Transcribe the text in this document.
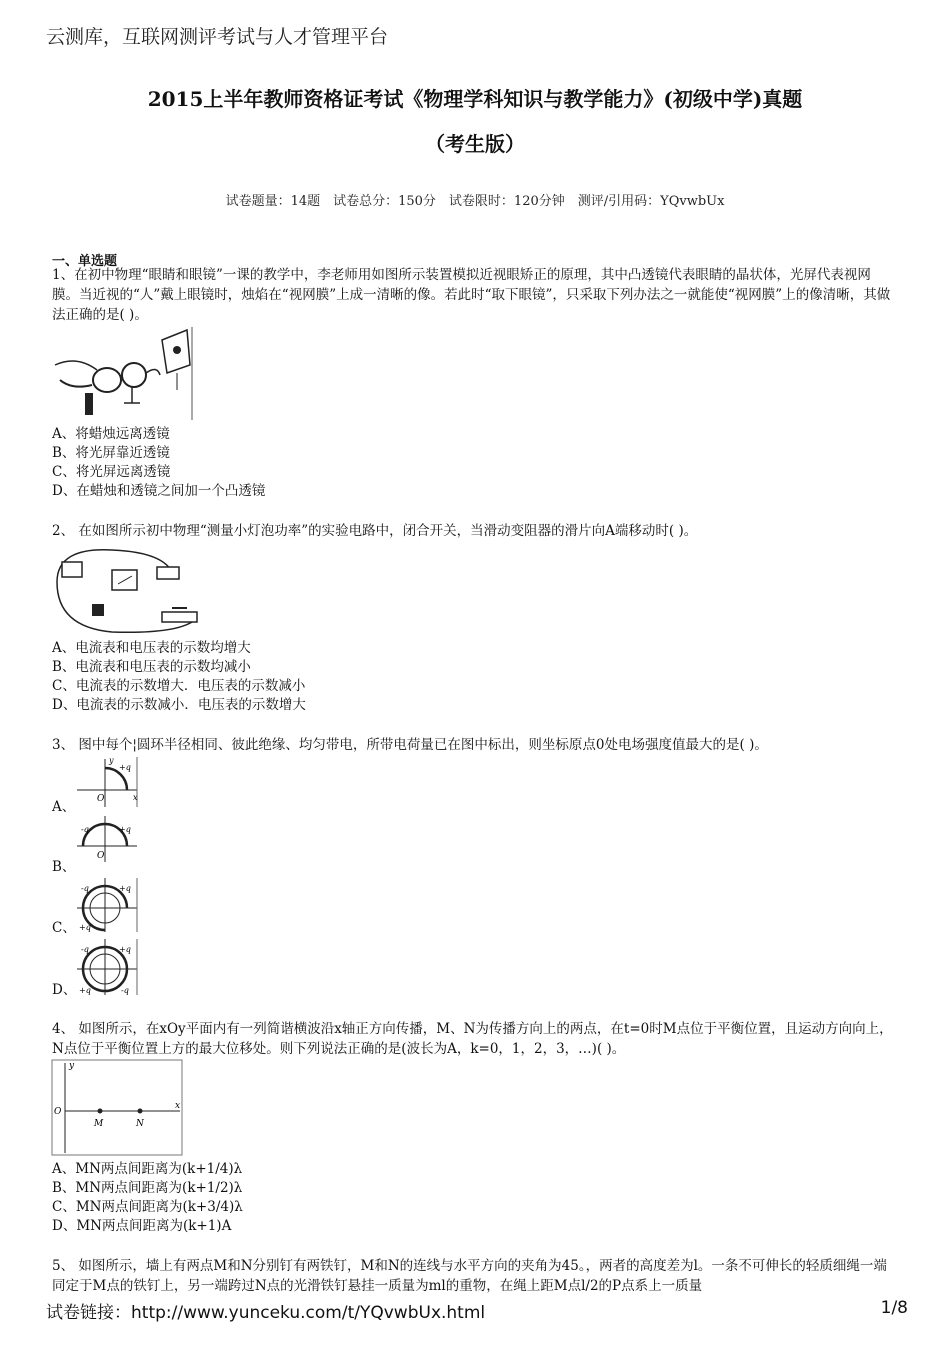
云测库，互联网测评考试与人才管理平台
2015上半年教师资格证考试《物理学科知识与教学能力》(初级中学)真题
（考生版）
试卷题量：14题　试卷总分：150分　试卷限时：120分钟　测评/引用码：YQvwbUx
一、单选题
1、在初中物理“眼睛和眼镜”一课的教学中，李老师用如图所示装置模拟近视眼矫正的原理，其中凸透镜代表眼睛的晶状体，光屏代表视网膜。当近视的“人”戴上眼镜时，烛焰在“视网膜”上成一清晰的像。若此时“取下眼镜”，只采取下列办法之一就能使“视网膜”上的像清晰，其做法正确的是( )。
A、将蜡烛远离透镜
B、将光屏靠近透镜
C、将光屏远离透镜
D、在蜡烛和透镜之间加一个凸透镜
2、 在如图所示初中物理“测量小灯泡功率”的实验电路中，闭合开关，当滑动变阻器的滑片向A端移动时( )。
A、电流表和电压表的示数均增大
B、电流表和电压表的示数均减小
C、电流表的示数增大．电压表的示数减小
D、电流表的示数减小．电压表的示数增大
3、 图中每个¦圆环半径相同、彼此绝缘、均匀带电，所带电荷量已在图中标出，则坐标原点0处电场强度值最大的是( )。
+q
O
y
x
A、
-q	+q
O
B、
-q	+q
+q
C、
-q	+q
+q	-q
D、
4、 如图所示，在xOy平面内有一列简谐横波沿x轴正方向传播，M、N为传播方向上的两点，在t=0时M点位于平衡位置，且运动方向向上，N点位于平衡位置上方的最大位移处。则下列说法正确的是(波长为A，k=0，1，2，3，…)( )。
O
y
x
M	N
A、MN两点间距离为(k+1/4)λ
B、MN两点间距离为(k+1/2)λ
C、MN两点间距离为(k+3/4)λ
D、MN两点间距离为(k+1)A
5、 如图所示，墙上有两点M和N分别钉有两铁钉，M和N的连线与水平方向的夹角为45。，两者的高度差为l。一条不可伸长的轻质细绳一端同定于M点的铁钉上，另一端跨过N点的光滑铁钉悬挂一质量为ml的重物，在绳上距M点l/2的P点系上一质量
试卷链接：http://www.yunceku.com/t/YQvwbUx.html	1/8
